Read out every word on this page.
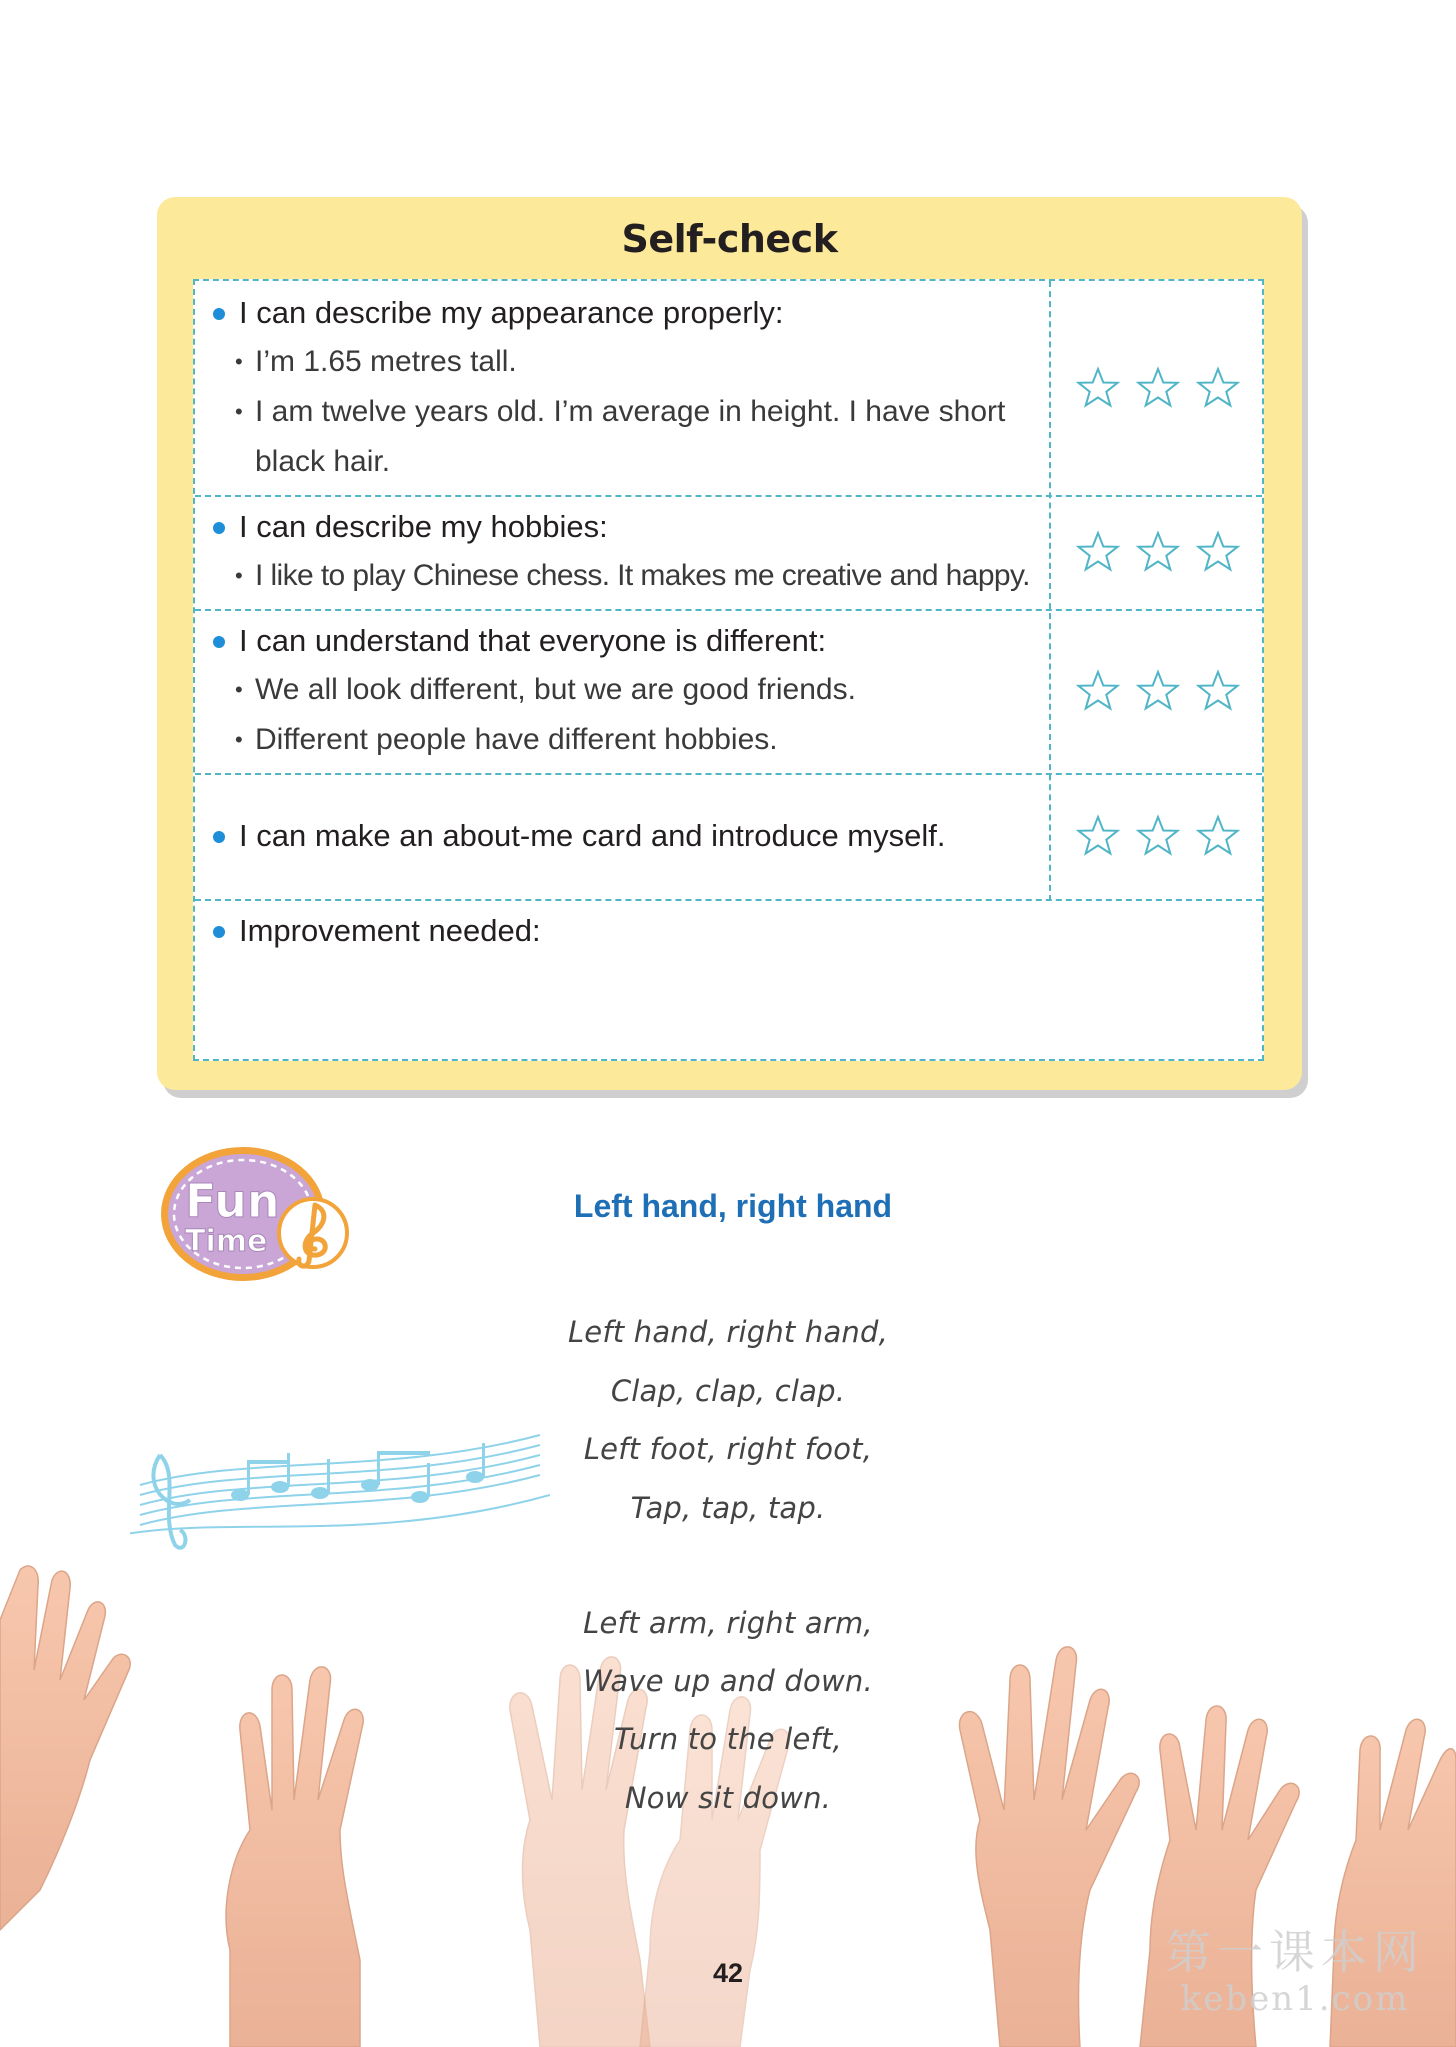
Self-check
I can describe my appearance properly:
• I’m 1.65 metres tall.
• I am twelve years old. I’m average in height. I have short black hair.
I can describe my hobbies:
• I like to play Chinese chess. It makes me creative and happy.
I can understand that everyone is different:
• We all look different, but we are good friends.
• Different people have different hobbies.
I can make an about-me card and introduce myself.
Improvement needed:
Fun
Time
Left hand, right hand
Left hand, right hand,
Clap, clap, clap.
Left foot, right foot,
Tap, tap, tap.
Left arm, right arm,
Wave up and down.
Turn to the left,
Now sit down.
42	第一课本网
keben1.com
